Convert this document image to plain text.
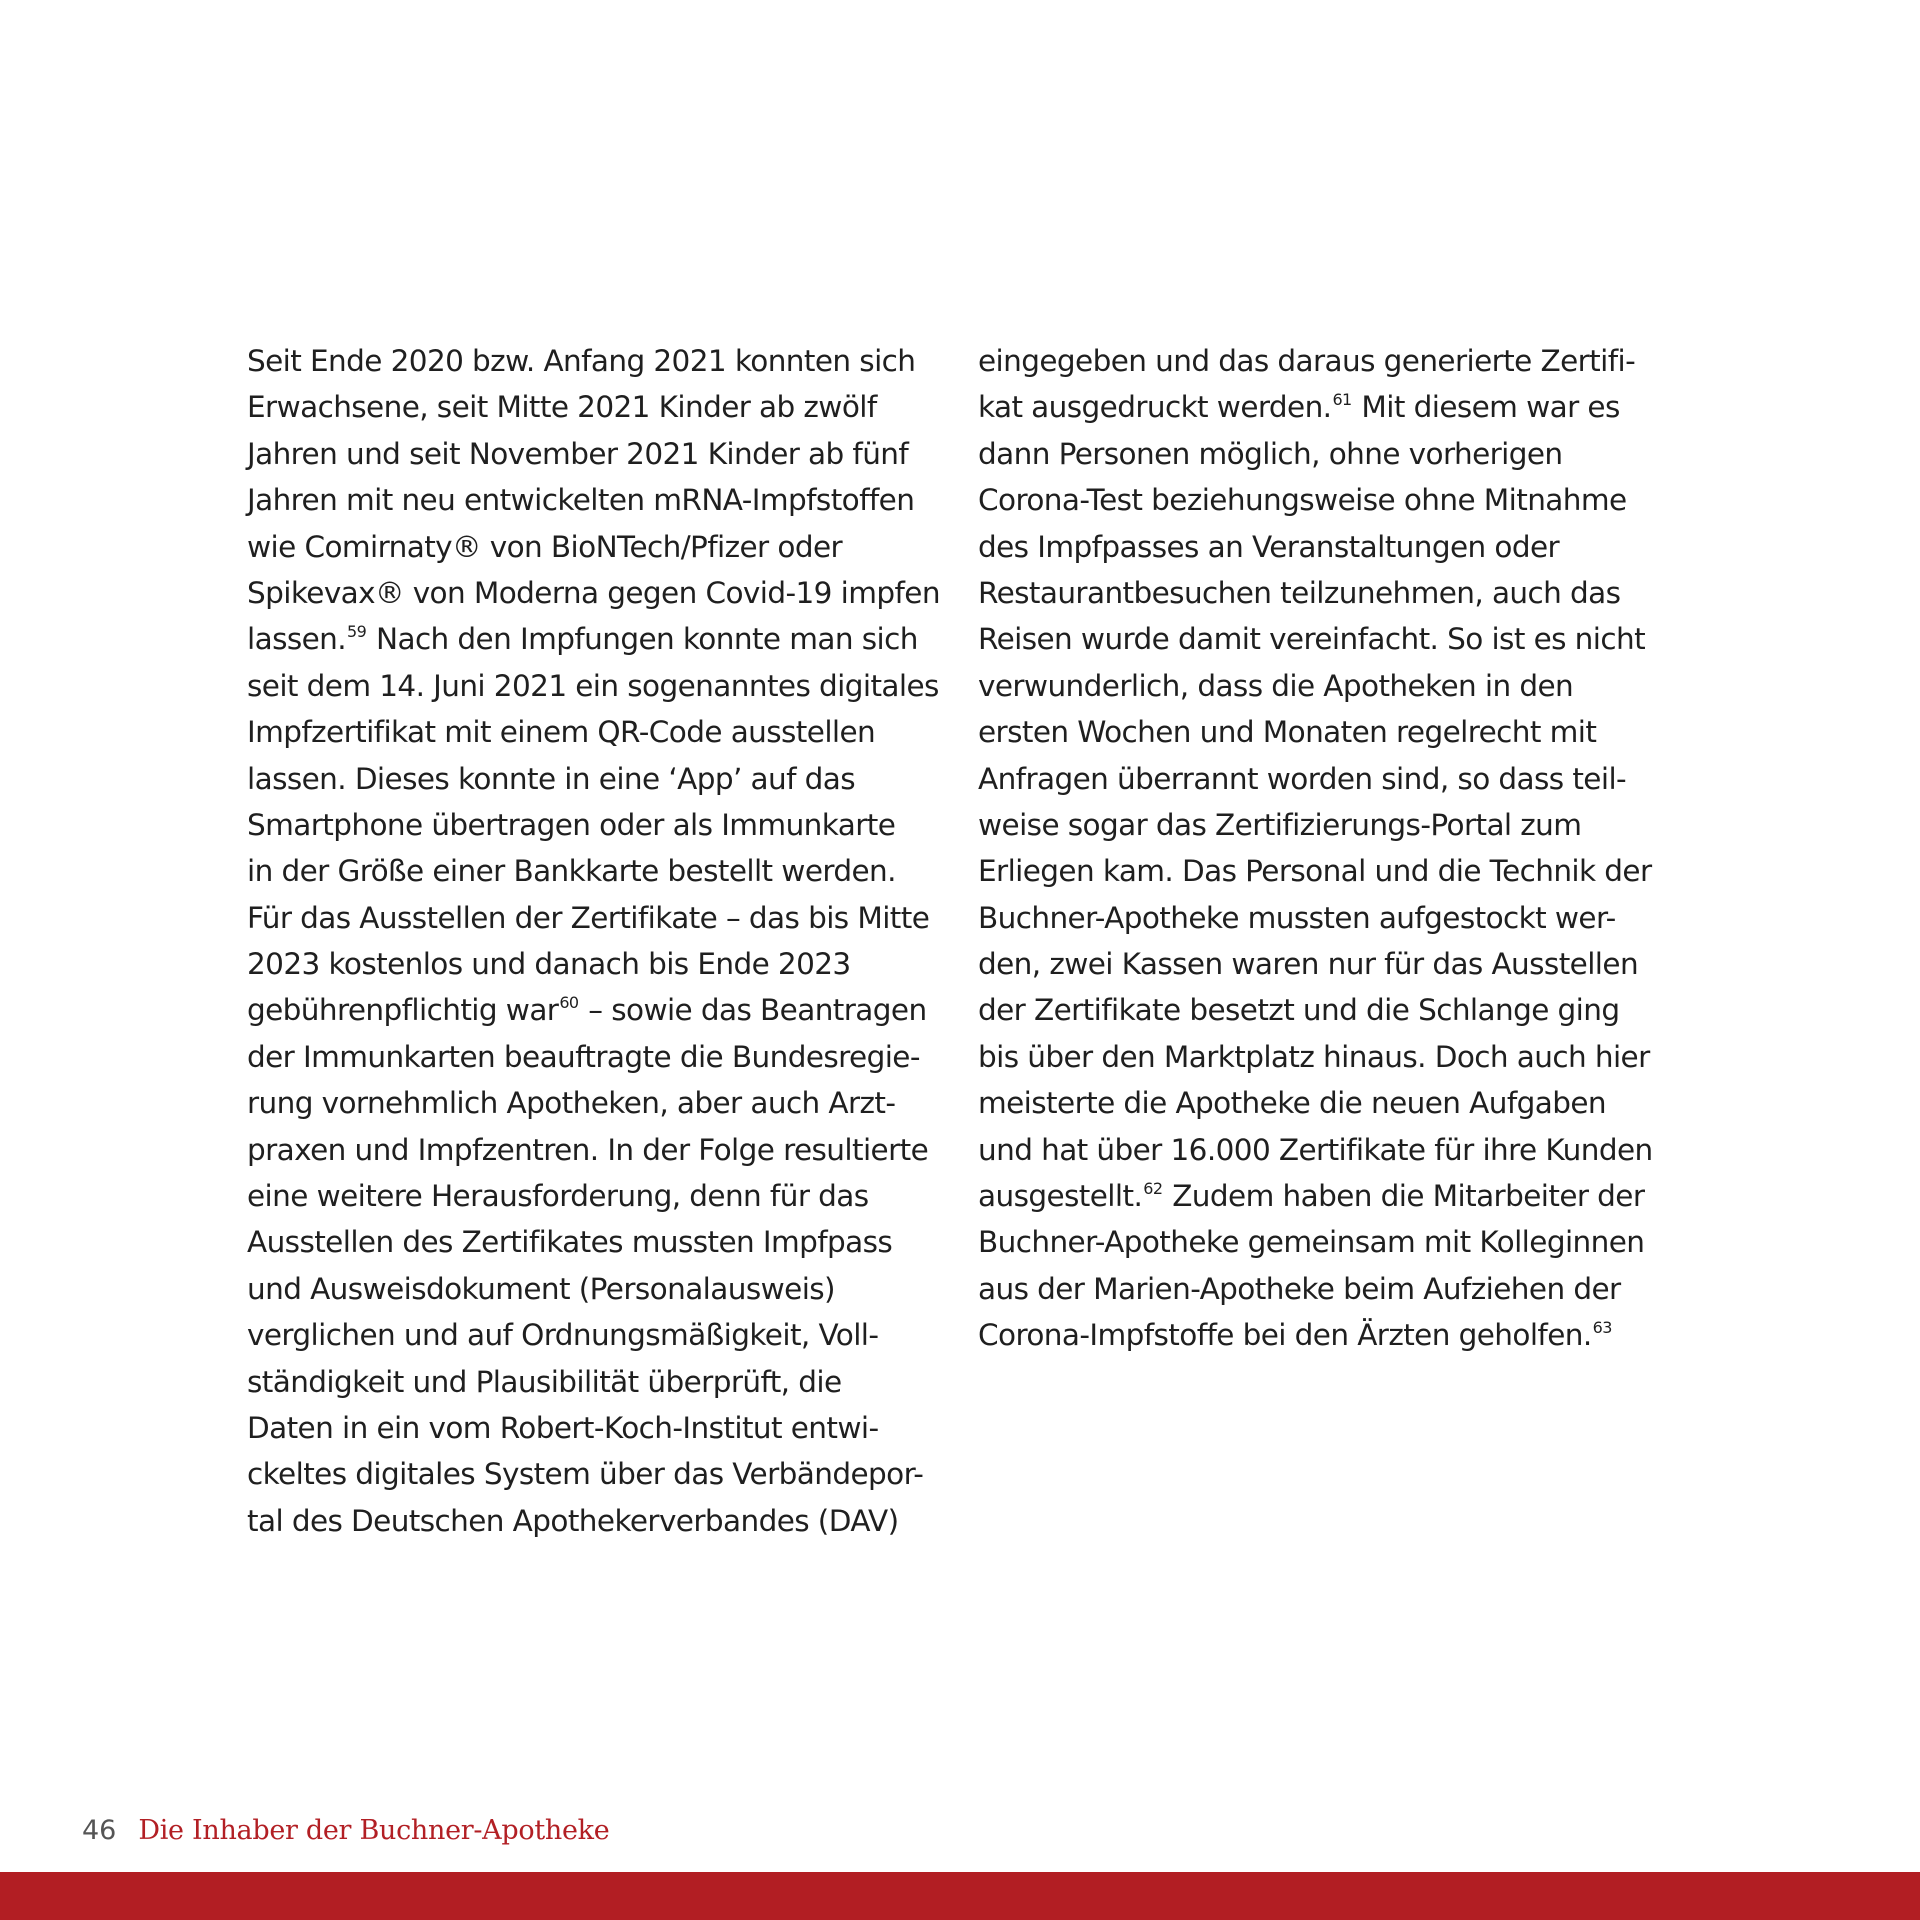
Seit Ende 2020 bzw. Anfang 2021 konnten sich
Erwachsene, seit Mitte 2021 Kinder ab zwölf
Jahren und seit November 2021 Kinder ab fünf
Jahren mit neu entwickelten mRNA-Impfstoffen
wie Comirnaty® von BioNTech/Pfizer oder
Spikevax® von Moderna gegen Covid-19 impfen
lassen.$^{59}$ Nach den Impfungen konnte man sich
seit dem 14. Juni 2021 ein sogenanntes digitales
Impfzertifikat mit einem QR-Code ausstellen
lassen. Dieses konnte in eine ‘App’ auf das
Smartphone übertragen oder als Immunkarte
in der Größe einer Bankkarte bestellt werden.
Für das Ausstellen der Zertifikate – das bis Mitte
2023 kostenlos und danach bis Ende 2023
gebührenpflichtig war$^{60}$ – sowie das Beantragen
der Immunkarten beauftragte die Bundesregie-
rung vornehmlich Apotheken, aber auch Arzt-
praxen und Impfzentren. In der Folge resultierte
eine weitere Herausforderung, denn für das
Ausstellen des Zertifikates mussten Impfpass
und Ausweisdokument (Personalausweis)
verglichen und auf Ordnungsmäßigkeit, Voll-
ständigkeit und Plausibilität überprüft, die
Daten in ein vom Robert-Koch-Institut entwi-
ckeltes digitales System über das Verbändepor-
tal des Deutschen Apothekerverbandes (DAV)
eingegeben und das daraus generierte Zertifi-
kat ausgedruckt werden.$^{61}$ Mit diesem war es
dann Personen möglich, ohne vorherigen
Corona-Test beziehungsweise ohne Mitnahme
des Impfpasses an Veranstaltungen oder
Restaurantbesuchen teilzunehmen, auch das
Reisen wurde damit vereinfacht. So ist es nicht
verwunderlich, dass die Apotheken in den
ersten Wochen und Monaten regelrecht mit
Anfragen überrannt worden sind, so dass teil-
weise sogar das Zertifizierungs-Portal zum
Erliegen kam. Das Personal und die Technik der
Buchner-Apotheke mussten aufgestockt wer-
den, zwei Kassen waren nur für das Ausstellen
der Zertifikate besetzt und die Schlange ging
bis über den Marktplatz hinaus. Doch auch hier
meisterte die Apotheke die neuen Aufgaben
und hat über 16.000 Zertifikate für ihre Kunden
ausgestellt.$^{62}$ Zudem haben die Mitarbeiter der
Buchner-Apotheke gemeinsam mit Kolleginnen
aus der Marien-Apotheke beim Aufziehen der
Corona-Impfstoffe bei den Ärzten geholfen.$^{63}$
46 Die Inhaber der Buchner-Apotheke
